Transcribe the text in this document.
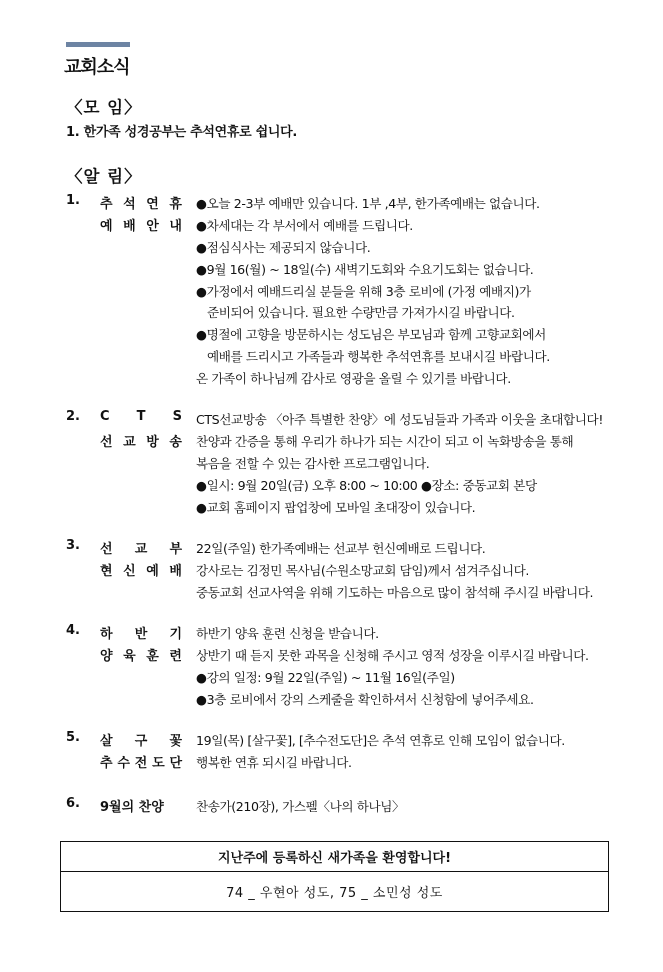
교회소식
〈모 임〉
1. 한가족 성경공부는 추석연휴로 쉽니다.
〈알 림〉
1. 추 석 연 휴
예 배 안 내
●오늘 2-3부 예배만 있습니다. 1부 ,4부, 한가족예배는 없습니다.
●차세대는 각 부서에서 예배를 드립니다.
●점심식사는 제공되지 않습니다.
●9월 16(월) ~ 18일(수) 새벽기도회와 수요기도회는 없습니다.
●가정에서 예배드리실 분들을 위해 3층 로비에 (가정 예배지)가
준비되어 있습니다. 필요한 수량만큼 가져가시길 바랍니다.
●명절에 고향을 방문하시는 성도님은 부모님과 함께 고향교회에서
예배를 드리시고 가족들과 행복한 추석연휴를 보내시길 바랍니다.
온 가족이 하나님께 감사로 영광을 올릴 수 있기를 바랍니다.
2. C T S
선 교 방 송
CTS선교방송 〈아주 특별한 찬양〉에 성도님들과 가족과 이웃을 초대합니다!
찬양과 간증을 통해 우리가 하나가 되는 시간이 되고 이 녹화방송을 통해
복음을 전할 수 있는 감사한 프로그램입니다.
●일시: 9월 20일(금) 오후 8:00 ~ 10:00 ●장소: 중동교회 본당
●교회 홈페이지 팝업창에 모바일 초대장이 있습니다.
3. 선 교 부
현 신 예 배
22일(주일) 한가족예배는 선교부 헌신예배로 드립니다.
강사로는 김정민 목사님(수원소망교회 담임)께서 섬겨주십니다.
중동교회 선교사역을 위해 기도하는 마음으로 많이 참석해 주시길 바랍니다.
4. 하 반 기
양 육 훈 련
하반기 양육 훈련 신청을 받습니다.
상반기 때 듣지 못한 과목을 신청해 주시고 영적 성장을 이루시길 바랍니다.
●강의 일정: 9월 22일(주일) ~ 11월 16일(주일)
●3층 로비에서 강의 스케줄을 확인하셔서 신청함에 넣어주세요.
5. 살 구 꽃
추 수 전 도 단
19일(목) [살구꽃], [추수전도단]은 추석 연휴로 인해 모임이 없습니다.
행복한 연휴 되시길 바랍니다.
6. 9월의 찬양	찬송가(210장), 가스펠〈나의 하나님〉
지난주에 등록하신 새가족을 환영합니다!
74 _ 우현아 성도, 75 _ 소민성 성도
